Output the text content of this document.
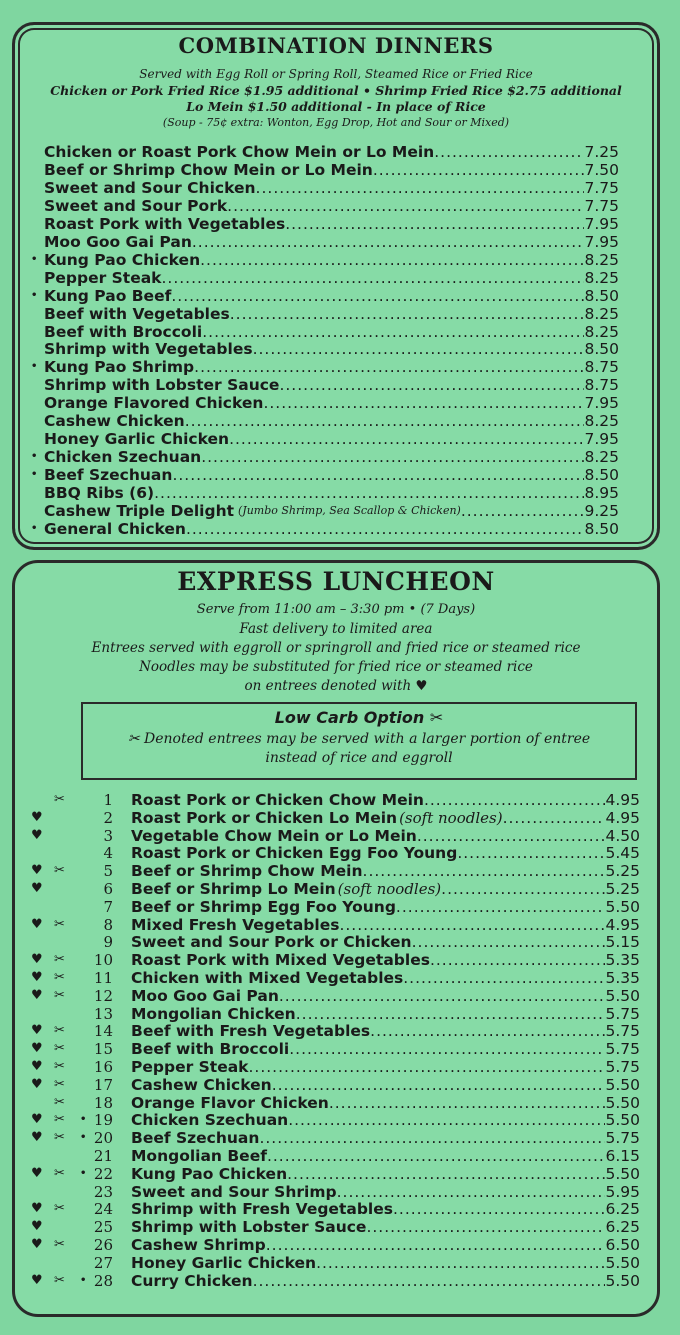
COMBINATION DINNERS
Served with Egg Roll or Spring Roll, Steamed Rice or Fried Rice
Chicken or Pork Fried Rice $1.95 additional • Shrimp Fried Rice $2.75 additional
Lo Mein $1.50 additional - In place of Rice
(Soup - 75¢ extra: Wonton, Egg Drop, Hot and Sour or Mixed)
Chicken or Roast Pork Chow Mein or Lo Mein .....	7.25
Beef or Shrimp Chow Mein or Lo Mein .....	7.50
Sweet and Sour Chicken .....	7.75
Sweet and Sour Pork .....	7.75
Roast Pork with Vegetables .....	7.95
Moo Goo Gai Pan .....	7.95
• Kung Pao Chicken .....	8.25
Pepper Steak .....	8.25
• Kung Pao Beef .....	8.50
Beef with Vegetables .....	8.25
Beef with Broccoli .....	8.25
Shrimp with Vegetables .....	8.50
• Kung Pao Shrimp .....	8.75
Shrimp with Lobster Sauce .....	8.75
Orange Flavored Chicken .....	7.95
Cashew Chicken .....	8.25
Honey Garlic Chicken .....	7.95
• Chicken Szechuan .....	8.25
• Beef Szechuan .....	8.50
BBQ Ribs (6) .....	8.95
Cashew Triple Delight (Jumbo Shrimp, Sea Scallop & Chicken) .....	9.25
• General Chicken .....	8.50
EXPRESS LUNCHEON
Serve from 11:00 am – 3:30 pm • (7 Days)
Fast delivery to limited area
Entrees served with eggroll or springroll and fried rice or steamed rice
Noodles may be substituted for fried rice or steamed rice
on entrees denoted with ♥
Low Carb Option ✂
✂ Denoted entrees may be served with a larger portion of entree
instead of rice and eggroll
✂	1 Roast Pork or Chicken Chow Mein .....	4.95
♥	2 Roast Pork or Chicken Lo Mein (soft noodles) .....	4.95
♥	3 Vegetable Chow Mein or Lo Mein .....	4.50
4 Roast Pork or Chicken Egg Foo Young .....	5.45
♥ ✂	5 Beef or Shrimp Chow Mein .....	5.25
♥	6 Beef or Shrimp Lo Mein (soft noodles) .....	5.25
7 Beef or Shrimp Egg Foo Young .....	5.50
♥ ✂	8 Mixed Fresh Vegetables .....	4.95
9 Sweet and Sour Pork or Chicken .....	5.15
♥ ✂	10 Roast Pork with Mixed Vegetables .....	5.35
♥ ✂	11 Chicken with Mixed Vegetables .....	5.35
♥ ✂	12 Moo Goo Gai Pan .....	5.50
13 Mongolian Chicken .....	5.75
♥ ✂	14 Beef with Fresh Vegetables .....	5.75
♥ ✂	15 Beef with Broccoli .....	5.75
♥ ✂	16 Pepper Steak .....	5.75
♥ ✂	17 Cashew Chicken .....	5.50
✂	18 Orange Flavor Chicken .....	5.50
♥ ✂ • 19 Chicken Szechuan .....	5.50
♥ ✂ • 20 Beef Szechuan .....	5.75
21 Mongolian Beef .....	6.15
♥ ✂ • 22 Kung Pao Chicken .....	5.50
23 Sweet and Sour Shrimp .....	5.95
♥ ✂	24 Shrimp with Fresh Vegetables .....	6.25
♥	25 Shrimp with Lobster Sauce .....	6.25
♥ ✂	26 Cashew Shrimp .....	6.50
27 Honey Garlic Chicken .....	5.50
♥ ✂ • 28 Curry Chicken .....	5.50
